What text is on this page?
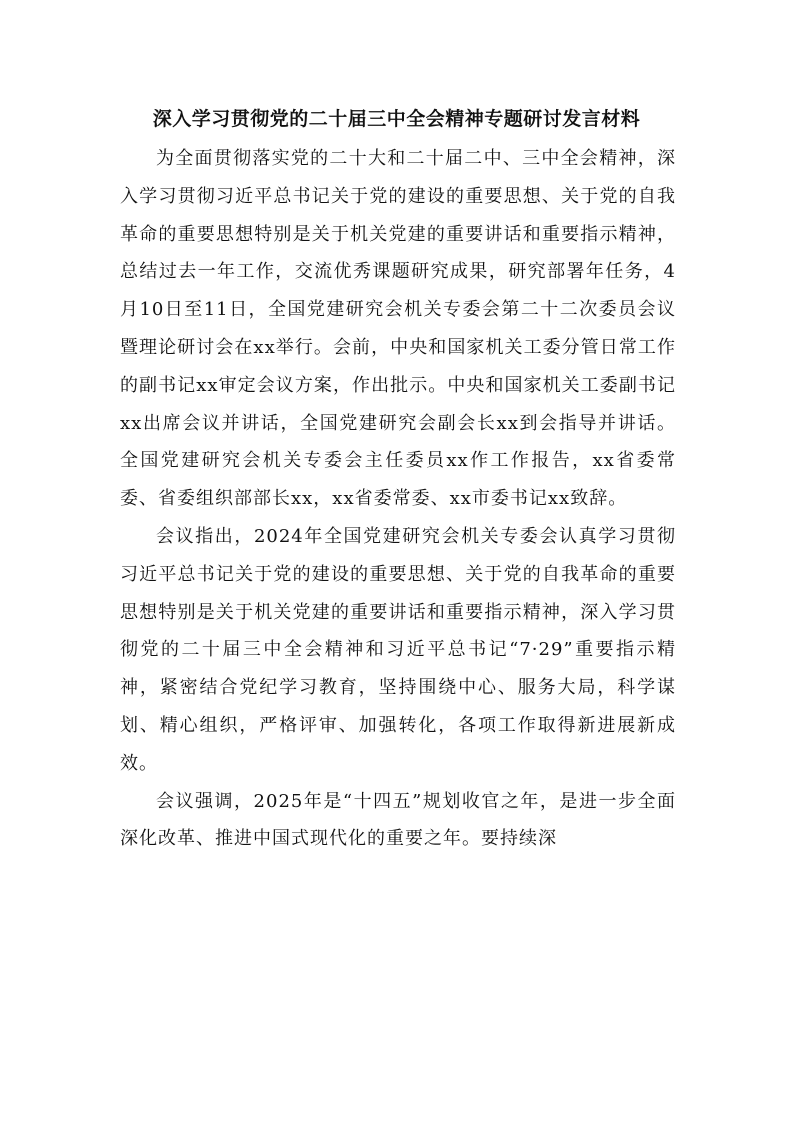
深入学习贯彻党的二十届三中全会精神专题研讨发言材料

为全面贯彻落实党的二十大和二十届二中、三中全会精神，深入学习贯彻习近平总书记关于党的建设的重要思想、关于党的自我革命的重要思想特别是关于机关党建的重要讲话和重要指示精神，总结过去一年工作，交流优秀课题研究成果，研究部署年任务，4月10日至11日，全国党建研究会机关专委会第二十二次委员会议暨理论研讨会在xx举行。会前，中央和国家机关工委分管日常工作的副书记xx审定会议方案，作出批示。中央和国家机关工委副书记xx出席会议并讲话，全国党建研究会副会长xx到会指导并讲话。全国党建研究会机关专委会主任委员xx作工作报告，xx省委常委、省委组织部部长xx，xx省委常委、xx市委书记xx致辞。

会议指出，2024年全国党建研究会机关专委会认真学习贯彻习近平总书记关于党的建设的重要思想、关于党的自我革命的重要思想特别是关于机关党建的重要讲话和重要指示精神，深入学习贯彻党的二十届三中全会精神和习近平总书记“7·29”重要指示精神，紧密结合党纪学习教育，坚持围绕中心、服务大局，科学谋划、精心组织，严格评审、加强转化，各项工作取得新进展新成效。

会议强调，2025年是“十四五”规划收官之年，是进一步全面深化改革、推进中国式现代化的重要之年。要持续深
